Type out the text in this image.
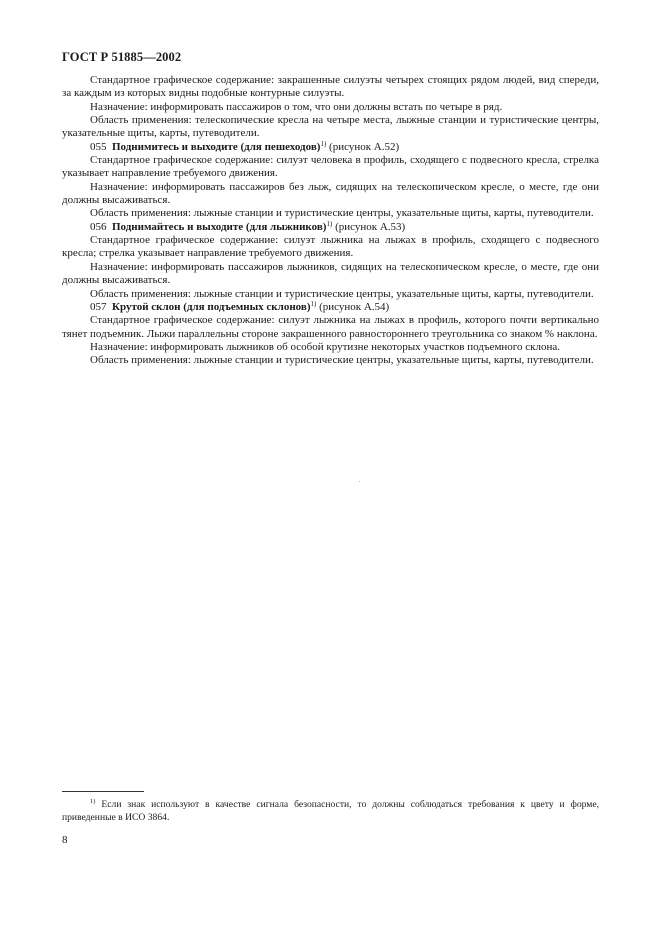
ГОСТ Р 51885—2002

Стандартное графическое содержание: закрашенные силуэты четырех стоящих рядом людей, вид спереди, за каждым из которых видны подобные контурные силуэты.

Назначение: информировать пассажиров о том, что они должны встать по четыре в ряд.

Область применения: телескопические кресла на четыре места, лыжные станции и туристические центры, указательные щиты, карты, путеводители.

055 Поднимитесь и выходите (для пешеходов)$^{1)}$ (рисунок А.52)

Стандартное графическое содержание: силуэт человека в профиль, сходящего с подвесного кресла, стрелка указывает направление требуемого движения.

Назначение: информировать пассажиров без лыж, сидящих на телескопическом кресле, о месте, где они должны высаживаться.

Область применения: лыжные станции и туристические центры, указательные щиты, карты, путеводители.

056 Поднимайтесь и выходите (для лыжников)$^{1)}$ (рисунок А.53)

Стандартное графическое содержание: силуэт лыжника на лыжах в профиль, сходящего с подвесного кресла; стрелка указывает направление требуемого движения.

Назначение: информировать пассажиров лыжников, сидящих на телескопическом кресле, о месте, где они должны высаживаться.

Область применения: лыжные станции и туристические центры, указательные щиты, карты, путеводители.

057 Крутой склон (для подъемных склонов)$^{1)}$ (рисунок А.54)

Стандартное графическое содержание: силуэт лыжника на лыжах в профиль, которого почти вертикально тянет подъемник. Лыжи параллельны стороне закрашенного равностороннего треугольника со знаком % наклона.

Назначение: информировать лыжников об особой крутизне некоторых участков подъемного склона.

Область применения: лыжные станции и туристические центры, указательные щиты, карты, путеводители.

$^{1)}$ Если знак используют в качестве сигнала безопасности, то должны соблюдаться требования к цвету и форме, приведенные в ИСО 3864.

8
